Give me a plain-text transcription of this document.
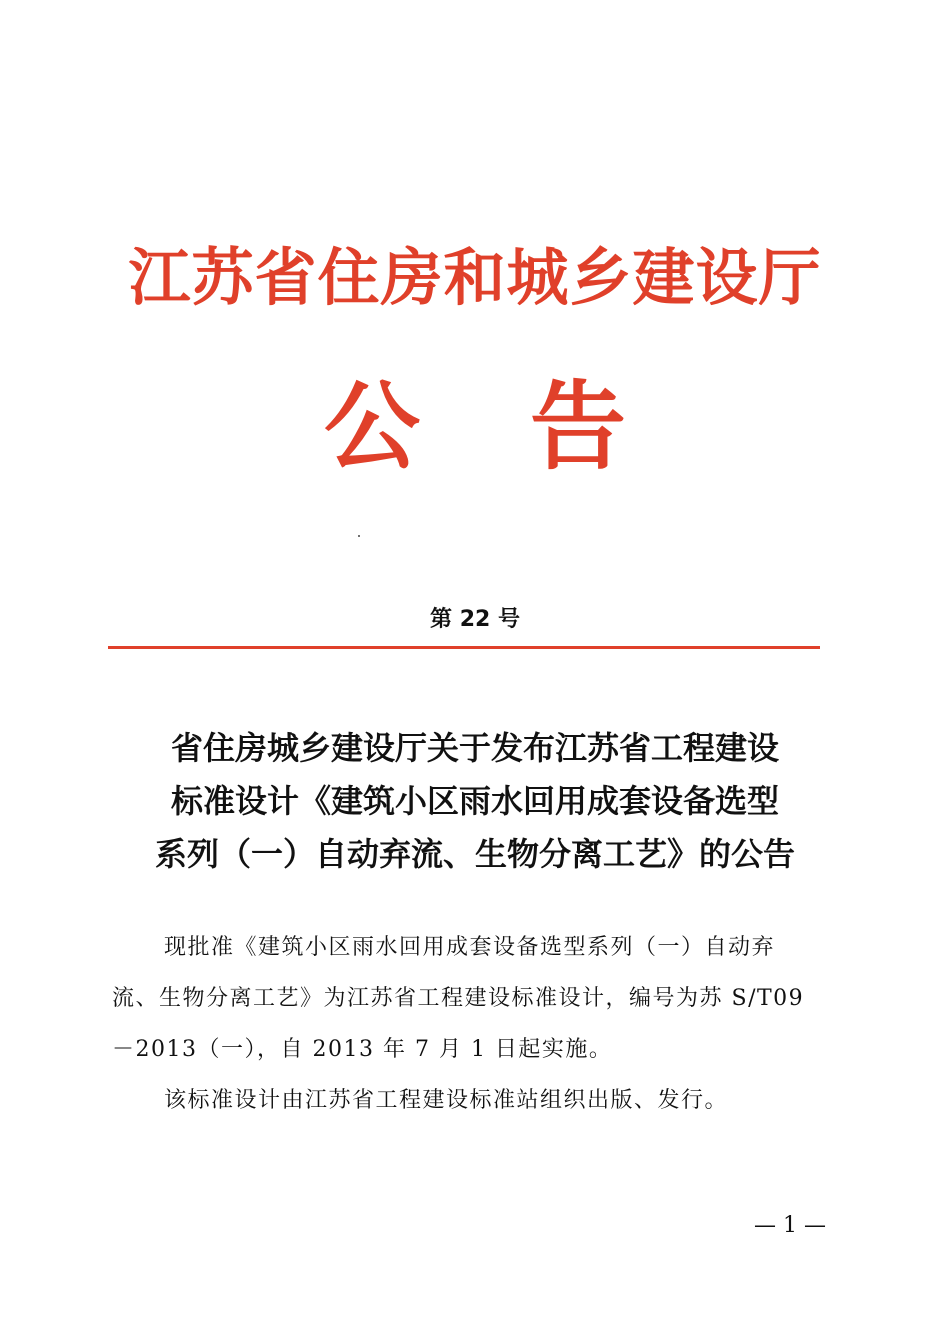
江苏省住房和城乡建设厅
公 告
第 22 号
省住房城乡建设厅关于发布江苏省工程建设
标准设计《建筑小区雨水回用成套设备选型
系列（一）自动弃流、生物分离工艺》的公告
现批准《建筑小区雨水回用成套设备选型系列（一）自动弃
流、生物分离工艺》为江苏省工程建设标准设计，编号为苏 S/T09
－2013（一），自 2013 年 7 月 1 日起实施。
该标准设计由江苏省工程建设标准站组织出版、发行。
— 1 —
